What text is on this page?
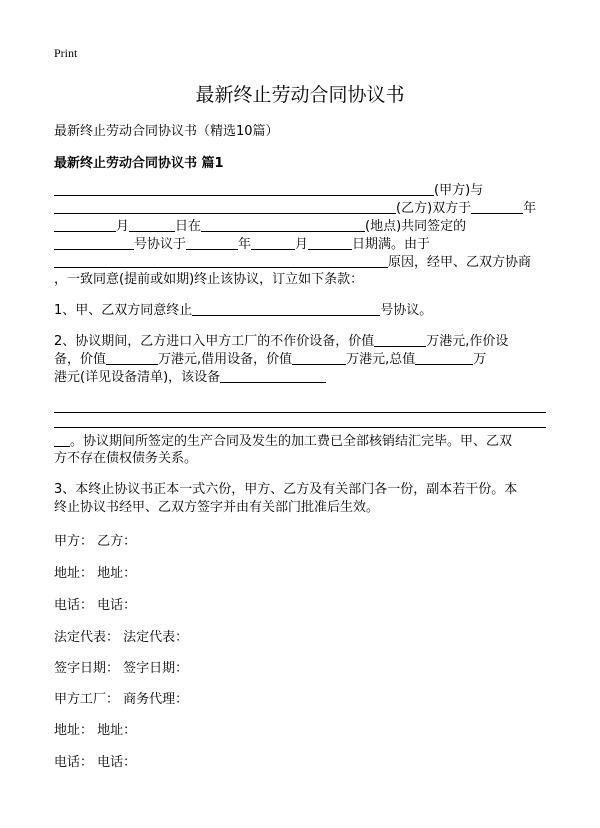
Print
最新终止劳动合同协议书
最新终止劳动合同协议书（精选10篇）
最新终止劳动合同协议书 篇1
(甲方)与
(乙方)双方于	年
月	日在	(地点)共同签定的
号协议于	年	月	日期满。由于
原因，经甲、乙双方协商
，一致同意(提前或如期)终止该协议，订立如下条款：
1、甲、乙双方同意终止	号协议。
2、协议期间，乙方进口入甲方工厂的不作价设备，价值	万港元,作价设
备，价值	万港元,借用设备，价值	万港元,总值	万
港元(详见设备清单)，该设备
。协议期间所签定的生产合同及发生的加工费已全部核销结汇完毕。甲、乙双
方不存在债权债务关系。
3、本终止协议书正本一式六份，甲方、乙方及有关部门各一份，副本若干份。本
终止协议书经甲、乙双方签字并由有关部门批准后生效。
甲方： 乙方：
地址： 地址：
电话： 电话：
法定代表： 法定代表：
签字日期： 签字日期：
甲方工厂： 商务代理：
地址： 地址：
电话： 电话：
